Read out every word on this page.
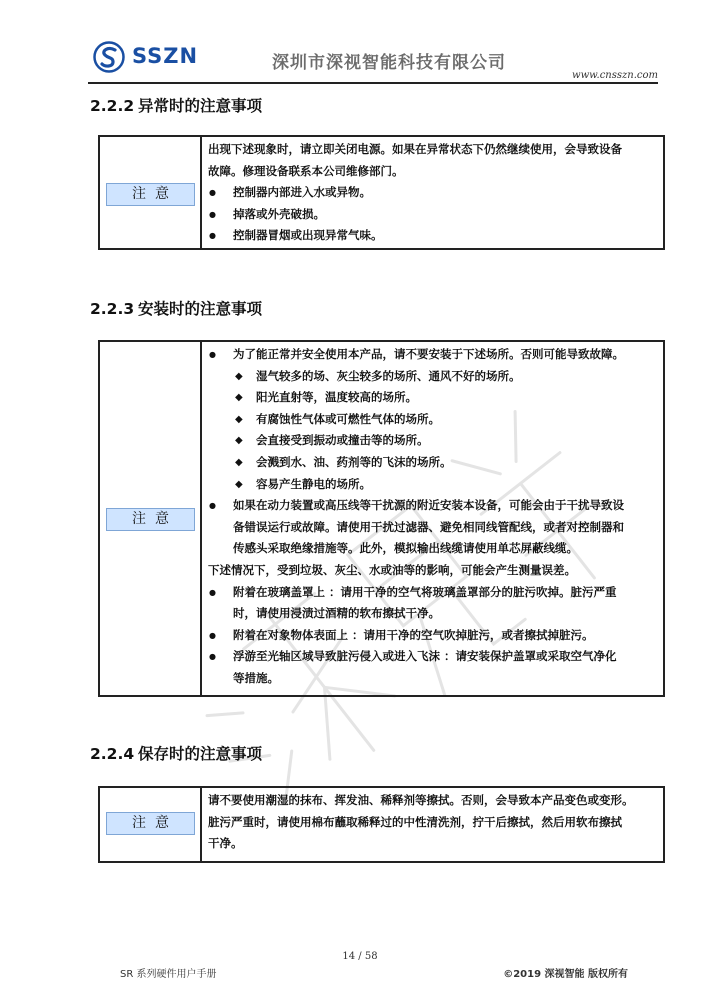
SSZN	深圳市深视智能科技有限公司
www.cnsszn.com
2.2.2 异常时的注意事项
注意
出现下述现象时，请立即关闭电源。如果在异常状态下仍然继续使用，会导致设备
故障。修理设备联系本公司维修部门。
● 控制器内部进入水或异物。
● 掉落或外壳破损。
● 控制器冒烟或出现异常气味。
2.2.3 安装时的注意事项
注意
● 为了能正常并安全使用本产品，请不要安装于下述场所。否则可能导致故障。
◆ 湿气较多的场、灰尘较多的场所、通风不好的场所。
◆ 阳光直射等，温度较高的场所。
◆ 有腐蚀性气体或可燃性气体的场所。
◆ 会直接受到振动或撞击等的场所。
◆ 会溅到水、油、药剂等的飞沫的场所。
◆ 容易产生静电的场所。
● 如果在动力装置或高压线等干扰源的附近安装本设备，可能会由于干扰导致设
备错误运行或故障。请使用干扰过滤器、避免相同线管配线，或者对控制器和
传感头采取绝缘措施等。此外，模拟输出线缆请使用单芯屏蔽线缆。
下述情况下，受到垃圾、灰尘、水或油等的影响，可能会产生测量误差。
● 附着在玻璃盖罩上 ：请用干净的空气将玻璃盖罩部分的脏污吹掉。脏污严重
时，请使用浸渍过酒精的软布擦拭干净。
● 附着在对象物体表面上 ：请用干净的空气吹掉脏污，或者擦拭掉脏污。
● 浮游至光轴区域导致脏污侵入或进入飞沫 ：请安装保护盖罩或采取空气净化
等措施。
2.2.4 保存时的注意事项
注意
请不要使用潮湿的抹布、挥发油、稀释剂等擦拭。否则，会导致本产品变色或变形。
脏污严重时，请使用棉布蘸取稀释过的中性清洗剂，拧干后擦拭，然后用软布擦拭
干净。
14 / 58
SR 系列硬件用户手册	©2019 深视智能 版权所有
